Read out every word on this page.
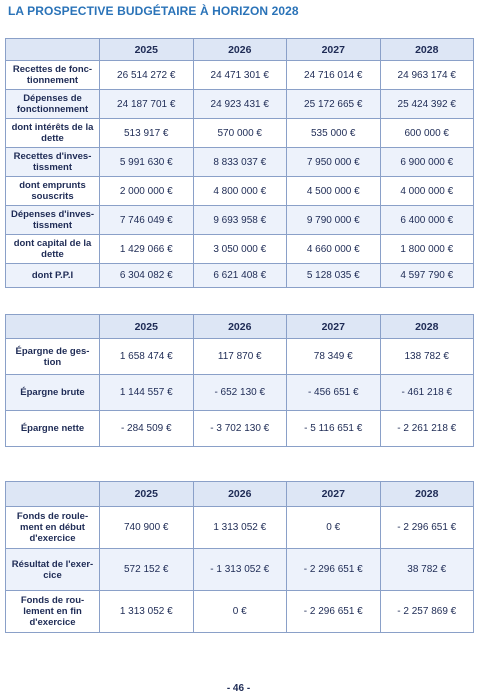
LA PROSPECTIVE BUDGÉTAIRE À HORIZON 2028
	2025	2026	2027	2028
Recettes de fonc-tionnement	26 514 272 €	24 471 301 €	24 716 014 €	24 963 174 €
Dépenses de fonctionnement	24 187 701 €	24 923 431 €	25 172 665 €	25 424 392 €
dont intérêts de la dette	513 917 €	570 000 €	535 000 €	600 000 €
Recettes d'inves-tissment	5 991 630 €	8 833 037 €	7 950 000 €	6 900 000 €
dont emprunts souscrits	2 000 000 €	4 800 000 €	4 500 000 €	4 000 000 €
Dépenses d'inves-tissment	7 746 049 €	9 693 958 €	9 790 000 €	6 400 000 €
dont capital de la dette	1 429 066 €	3 050 000 €	4 660 000 €	1 800 000 €
dont P.P.I	6 304 082 €	6 621 408 €	5 128 035 €	4 597 790 €
	2025	2026	2027	2028
Épargne de ges-tion	1 658 474 €	117 870 €	78 349 €	138 782 €
Épargne brute	1 144 557 €	- 652 130 €	- 456 651 €	- 461 218 €
Épargne nette	- 284 509 €	- 3 702 130 €	- 5 116 651 €	- 2 261 218 €
	2025	2026	2027	2028
Fonds de roule-ment en début d'exercice	740 900 €	1 313 052 €	0 €	- 2 296 651 €
Résultat de l'exer-cice	572 152 €	- 1 313 052 €	- 2 296 651 €	38 782 €
Fonds de rou-lement en fin d'exercice	1 313 052 €	0 €	- 2 296 651 €	- 2 257 869 €
- 46 -
